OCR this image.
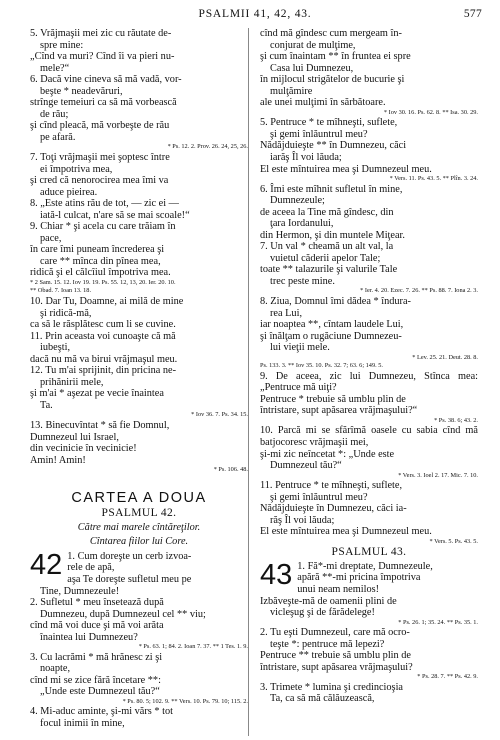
PSALMII 41, 42, 43.	577

5. Vrăjmaşii mei zic cu răutate de-

spre mine:

„Cînd va muri? Cînd îi va pieri nu-

mele?“

6. Dacă vine cineva să mă vadă, vor-

beşte * neadevăruri,

strînge temeiuri ca să mă vorbească

de rău;

şi cînd pleacă, mă vorbeşte de rău

pe afară.

* Ps. 12. 2. Prov. 26. 24, 25, 26.

7. Toţi vrăjmaşii mei şoptesc între

ei împotriva mea,

şi cred că nenorocirea mea îmi va

aduce pieirea.

8. „Este atins rău de tot, — zic ei —

iată-l culcat, n'are să se mai scoale!“

9. Chiar * şi acela cu care trăiam în

pace,

în care îmi puneam încrederea şi

care ** mînca din pînea mea,

ridică şi el călcîiul împotriva mea.

* 2 Sam. 15. 12. Iov 19. 19. Ps. 55. 12, 13, 20. Ier. 20. 10.

** Obad. 7. Ioan 13. 18.

10. Dar Tu, Doamne, ai milă de mine

şi ridică-mă,

ca să le răsplătesc cum li se cuvine.

11. Prin aceasta voi cunoaşte că mă

iubeşti,

dacă nu mă va birui vrăjmaşul meu.

12. Tu m'ai sprijinit, din pricina ne-

prihănirii mele,

şi m'ai * aşezat pe vecie înaintea

Ta.

* Iov 36. 7. Ps. 34. 15.

13. Binecuvîntat * să fie Domnul,

Dumnezeul lui Israel,

din vecinicie în vecinicie!

Amin! Amin!

* Ps. 106. 48.

CARTEA A DOUA
PSALMUL 42.

Către mai marele cîntăreţilor.

Cîntarea fiilor lui Core.

42 1. Cum doreşte un cerb izvoa-

rele de apă,

aşa Te doreşte sufletul meu pe

Tine, Dumnezeule!

2. Sufletul * meu însetează după

Dumnezeu, după Dumnezeul cel ** viu;

cînd mă voi duce şi mă voi arăta

înaintea lui Dumnezeu?

* Ps. 63. 1; 84. 2. Ioan 7. 37. ** 1 Tes. 1. 9.

3. Cu lacrămi * mă hrănesc zi şi

noapte,

cînd mi se zice fără încetare **:

„Unde este Dumnezeul tău?“

* Ps. 80. 5; 102. 9. ** Vers. 10. Ps. 79. 10; 115. 2.

4. Mi-aduc aminte, şi-mi vărs * tot

focul inimii în mine,

cînd mă gîndesc cum mergeam în-

conjurat de mulţime,

şi cum înaintam ** în fruntea ei spre

Casa lui Dumnezeu,

în mijlocul strigătelor de bucurie şi

mulţămire

ale unei mulţimi în sărbătoare.

* Iov 30. 16. Ps. 62. 8. ** Isa. 30. 29.

5. Pentruce * te mîhneşti, suflete,

şi gemi înlăuntrul meu?

Nădăjduieşte ** în Dumnezeu, căci

iarăş Îl voi lăuda;

El este mîntuirea mea şi Dumnezeul meu.

* Vers. 11. Ps. 43. 5. ** Plîn. 3. 24.

6. Îmi este mîhnit sufletul în mine,

Dumnezeule;

de aceea la Tine mă gîndesc, din

ţara Iordanului,

din Hermon, şi din muntele Miţear.

7. Un val * cheamă un alt val, la

vuietul căderii apelor Tale;

toate ** talazurile şi valurile Tale

trec peste mine.

* Ier. 4. 20. Ezec. 7. 26. ** Ps. 88. 7. Iona 2. 3.

8. Ziua, Domnul îmi dădea * îndura-

rea Lui,

iar noaptea **, cîntam laudele Lui,

şi înălţam o rugăciune Dumnezeu-

lui vieţii mele.

* Lev. 25. 21. Deut. 28. 8.

Ps. 133. 3. ** Iov 35. 10. Ps. 32. 7; 63. 6; 149. 5.

9. De aceea, zic lui Dumnezeu, Stînca mea: „Pentruce mă uiţi?

Pentruce * trebuie să umblu plin de

întristare, supt apăsarea vrăjmaşului?“

* Ps. 38. 6; 43. 2.

10. Parcă mi se sfărîmă oasele cu sabia cînd mă batjocoresc vrăjmaşii mei,

şi-mi zic neîncetat *: „Unde este

Dumnezeul tău?“

* Vers. 3. Ioel 2. 17. Mic. 7. 10.

11. Pentruce * te mîhneşti, suflete,

şi gemi înlăuntrul meu?

Nădăjduieşte în Dumnezeu, căci ia-

răş Îl voi lăuda;

El este mîntuirea mea şi Dumnezeul meu.

* Vers. 5. Ps. 43. 5.

PSALMUL 43.
43 1. Fă*-mi dreptate, Dumnezeule,

apără **-mi pricina împotriva

unui neam nemilos!

Izbăveşte-mă de oamenii plini de

vicleşug şi de fărădelege!

* Ps. 26. 1; 35. 24. ** Ps. 35. 1.

2. Tu eşti Dumnezeul, care mă ocro-

teşte *: pentruce mă lepezi?

Pentruce ** trebuie să umblu plin de

întristare, supt apăsarea vrăjmaşului?

* Ps. 28. 7. ** Ps. 42. 9.

3. Trimete * lumina şi credincioşia

Ta, ca să mă călăuzească,
